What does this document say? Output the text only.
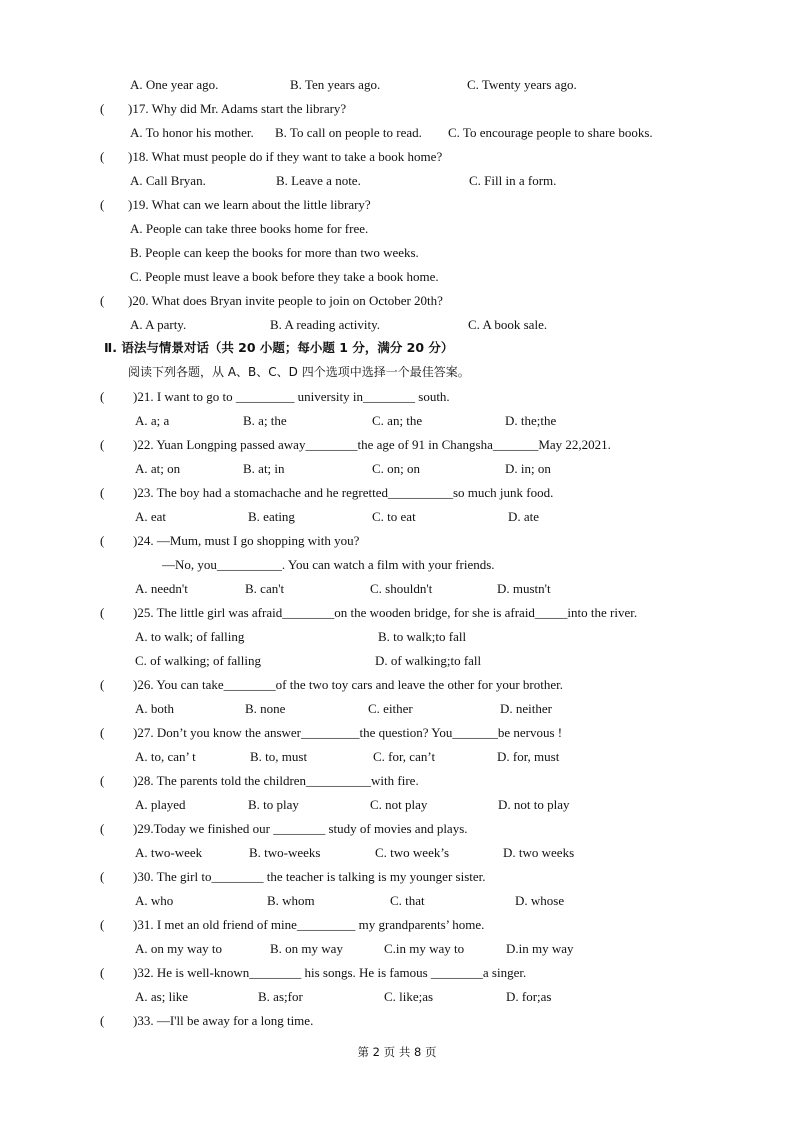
A. One year ago.	B. Ten years ago.	C. Twenty years ago.
( )17. Why did Mr. Adams start the library?
A. To honor his mother. B. To call on people to read. C. To encourage people to share books.
( )18. What must people do if they want to take a book home?
A. Call Bryan.	B. Leave a note.	C. Fill in a form.
( )19. What can we learn about the little library?
A. People can take three books home for free.
B. People can keep the books for more than two weeks.
C. People must leave a book before they take a book home.
( )20. What does Bryan invite people to join on October 20th?
A. A party.	B. A reading activity.	C. A book sale.
Ⅱ. 语法与情景对话（共 20 小题；每小题 1 分，满分 20 分）
阅读下列各题，从 A、B、C、D 四个选项中选择一个最佳答案。
( )21. I want to go to _________ university in________ south.
A. a; a	B. a; the	C. an; the	D. the;the
( )22. Yuan Longping passed away________the age of 91 in Changsha_______May 22,2021.
A. at; on	B. at; in	C. on; on	D. in; on
( )23. The boy had a stomachache and he regretted__________so much junk food.
A. eat	B. eating	C. to eat	D. ate
( )24. —Mum, must I go shopping with you?
—No, you__________. You can watch a film with your friends.
A. needn't	B. can't	C. shouldn't	D. mustn't
( )25. The little girl was afraid________on the wooden bridge, for she is afraid_____into the river.
A. to walk; of falling	B. to walk;to fall
C. of walking; of falling	D. of walking;to fall
( )26. You can take________of the two toy cars and leave the other for your brother.
A. both	B. none	C. either	D. neither
( )27. Don’t you know the answer_________the question? You_______be nervous !
A. to, can’ t	B. to, must	C. for, can’t	D. for, must
( )28. The parents told the children__________with fire.
A. played	B. to play	C. not play	D. not to play
( )29.Today we finished our ________ study of movies and plays.
A. two-week	B. two-weeks	C. two week’s	D. two weeks
( )30. The girl to________ the teacher is talking is my younger sister.
A. who	B. whom	C. that	D. whose
( )31. I met an old friend of mine_________ my grandparents’ home.
A. on my way to	B. on my way	C.in my way to	D.in my way
( )32. He is well-known________ his songs. He is famous ________a singer.
A. as; like	B. as;for	C. like;as	D. for;as
( )33. —I'll be away for a long time.
第 2 页 共 8 页
